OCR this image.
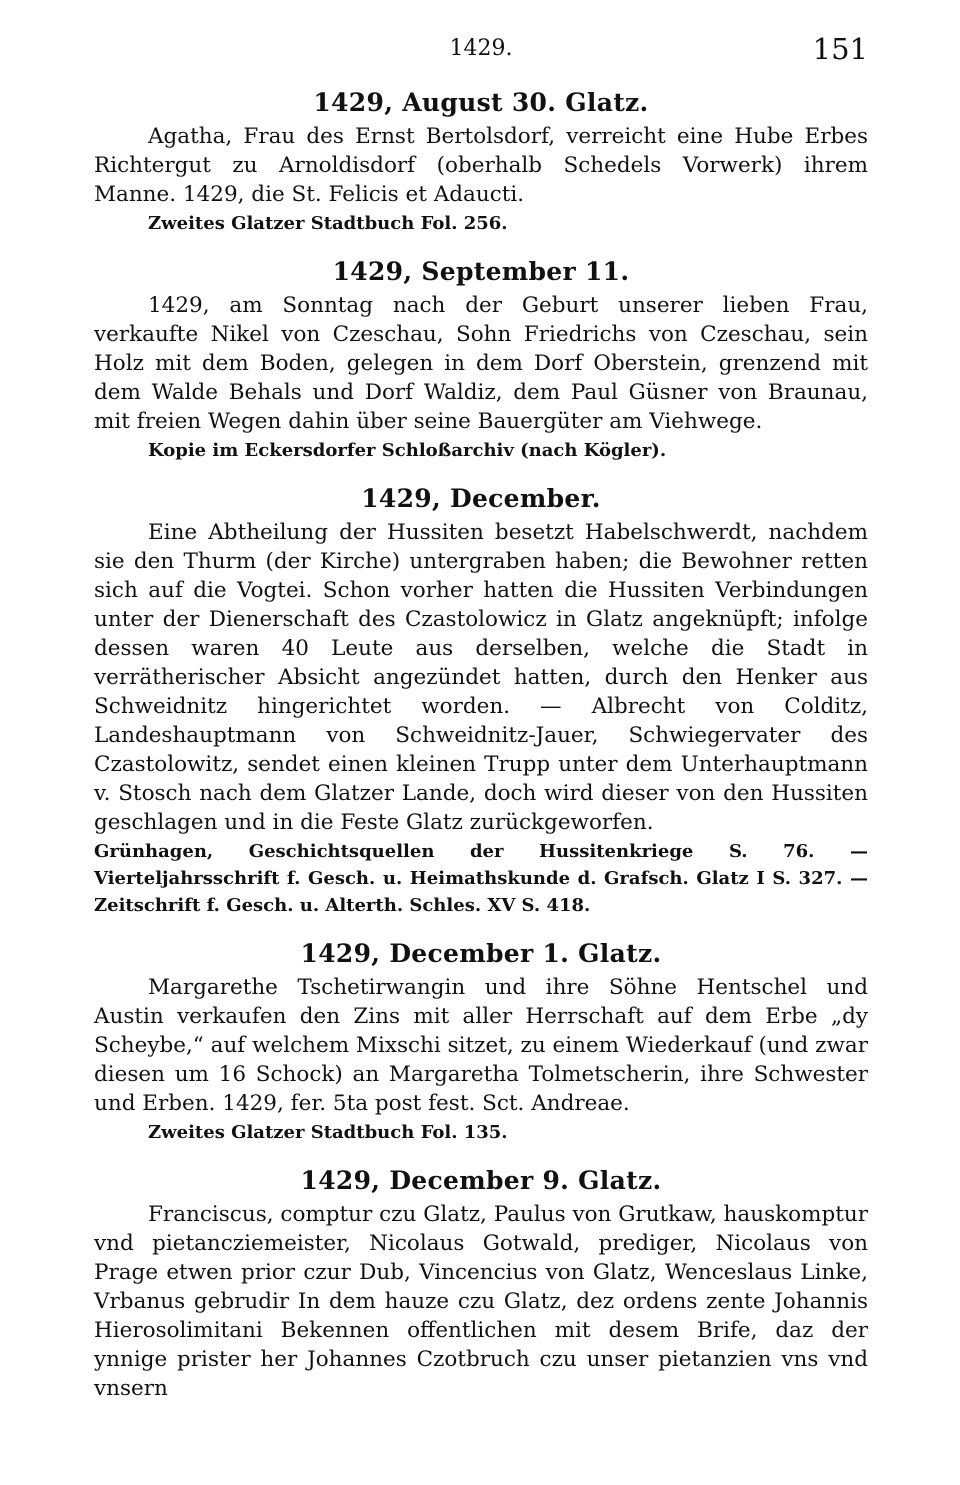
1429.	151
1429, August 30. Glatz.

Agatha, Frau des Ernst Bertolsdorf, verreicht eine Hube Erbes Richtergut zu Arnoldisdorf (oberhalb Schedels Vorwerk) ihrem Manne. 1429, die St. Felicis et Adaucti.

Zweites Glatzer Stadtbuch Fol. 256.

1429, September 11.

1429, am Sonntag nach der Geburt unserer lieben Frau, verkaufte Nikel von Czeschau, Sohn Friedrichs von Czeschau, sein Holz mit dem Boden, gelegen in dem Dorf Oberstein, grenzend mit dem Walde Behals und Dorf Waldiz, dem Paul Güsner von Braunau, mit freien Wegen dahin über seine Bauergüter am Viehwege.

Kopie im Eckersdorfer Schloßarchiv (nach Kögler).

1429, December.

Eine Abtheilung der Hussiten besetzt Habelschwerdt, nachdem sie den Thurm (der Kirche) untergraben haben; die Bewohner retten sich auf die Vogtei. Schon vorher hatten die Hussiten Verbindungen unter der Dienerschaft des Czastolowicz in Glatz angeknüpft; infolge dessen waren 40 Leute aus derselben, welche die Stadt in verrätherischer Absicht angezündet hatten, durch den Henker aus Schweidnitz hingerichtet worden. — Albrecht von Colditz, Landeshauptmann von Schweidnitz-Jauer, Schwiegervater des Czastolowitz, sendet einen kleinen Trupp unter dem Unterhauptmann v. Stosch nach dem Glatzer Lande, doch wird dieser von den Hussiten geschlagen und in die Feste Glatz zurückgeworfen.

Grünhagen, Geschichtsquellen der Hussitenkriege S. 76. — Vierteljahrsschrift f. Gesch. u. Heimathskunde d. Grafsch. Glatz I S. 327. — Zeitschrift f. Gesch. u. Alterth. Schles. XV S. 418.

1429, December 1. Glatz.

Margarethe Tschetirwangin und ihre Söhne Hentschel und Austin verkaufen den Zins mit aller Herrschaft auf dem Erbe „dy Scheybe,“ auf welchem Mixschi sitzet, zu einem Wiederkauf (und zwar diesen um 16 Schock) an Margaretha Tolmetscherin, ihre Schwester und Erben. 1429, fer. 5ta post fest. Sct. Andreae.

Zweites Glatzer Stadtbuch Fol. 135.

1429, December 9. Glatz.

Franciscus, comptur czu Glatz, Paulus von Grutkaw, hauskomptur vnd pietancziemeister, Nicolaus Gotwald, prediger, Nicolaus von Prage etwen prior czur Dub, Vincencius von Glatz, Wenceslaus Linke, Vrbanus gebrudir In dem hauze czu Glatz, dez ordens zente Johannis Hierosolimitani Bekennen offentlichen mit desem Brife, daz der ynnige prister her Johannes Czotbruch czu unser pietanzien vns vnd vnsern
